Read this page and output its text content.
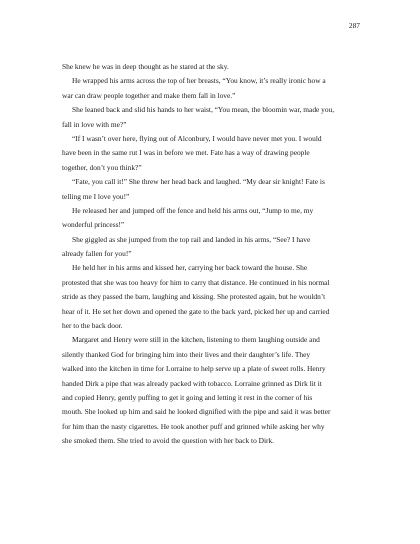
287
She knew he was in deep thought as he stared at the sky.
He wrapped his arms across the top of her breasts, “You know, it’s really ironic how a
war can draw people together and make them fall in love.”
She leaned back and slid his hands to her waist, “You mean, the bloomin war, made you,
fall in love with me?”
“If I wasn’t over here, flying out of Alconbury, I would have never met you. I would
have been in the same rut I was in before we met. Fate has a way of drawing people
together, don’t you think?”
“Fate, you call it!” She threw her head back and laughed. “My dear sir knight! Fate is
telling me I love you!”
He released her and jumped off the fence and held his arms out, “Jump to me, my
wonderful princess!”
She giggled as she jumped from the top rail and landed in his arms, “See? I have
already fallen for you!”
He held her in his arms and kissed her, carrying her back toward the house. She
protested that she was too heavy for him to carry that distance. He continued in his normal
stride as they passed the barn, laughing and kissing. She protested again, but he wouldn’t
hear of it. He set her down and opened the gate to the back yard, picked her up and carried
her to the back door.
Margaret and Henry were still in the kitchen, listening to them laughing outside and
silently thanked God for bringing him into their lives and their daughter’s life. They
walked into the kitchen in time for Lorraine to help serve up a plate of sweet rolls. Henry
handed Dirk a pipe that was already packed with tobacco. Lorraine grinned as Dirk lit it
and copied Henry, gently puffing to get it going and letting it rest in the corner of his
mouth. She looked up him and said he looked dignified with the pipe and said it was better
for him than the nasty cigarettes. He took another puff and grinned while asking her why
she smoked them. She tried to avoid the question with her back to Dirk.
